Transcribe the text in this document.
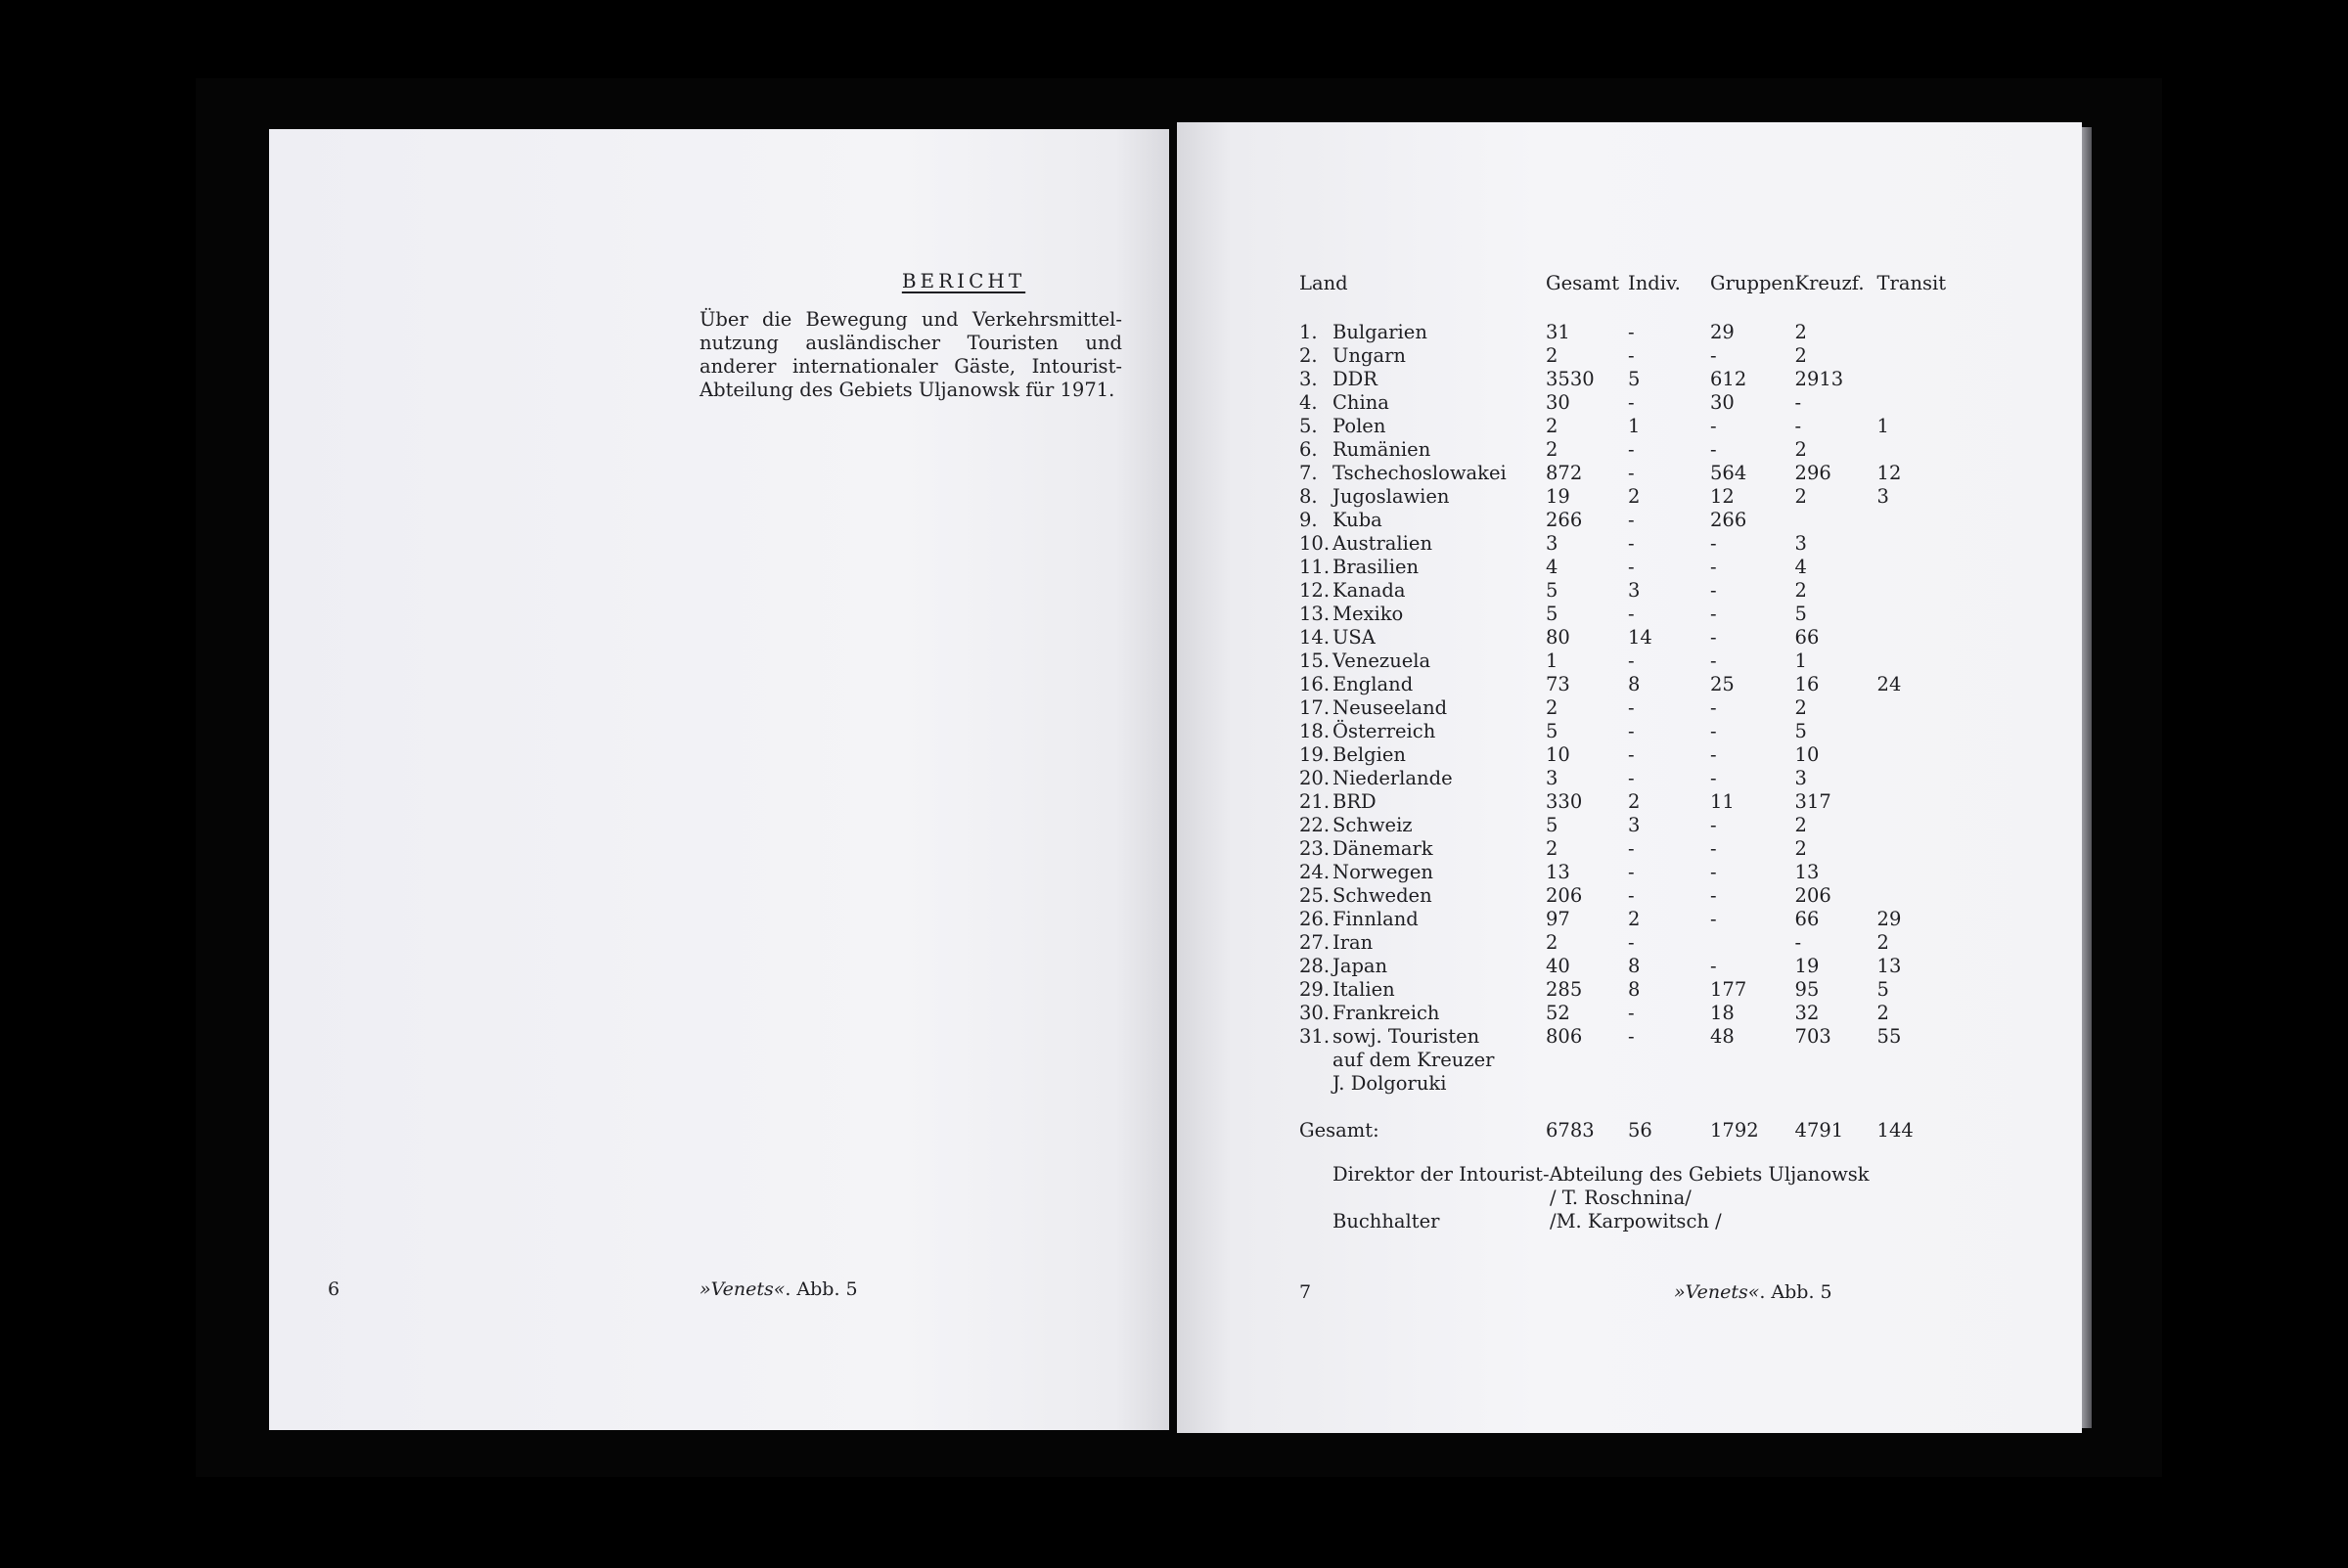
BERICHT
Über die Bewegung und Verkehrsmittelnutzung ausländischer Touristen und anderer internationaler Gäste, Intourist-Abteilung des Gebiets Uljanowsk für 1971.
6	»Venets«. Abb. 5
Land		Gesamt	Indiv.	Gruppen	Kreuzf.	Transit

1.	Bulgarien	31	-	29	2	
2.	Ungarn	2	-	-	2	
3.	DDR	3530	5	612	2913	
4.	China	30	-	30	-	
5.	Polen	2	1	-	-	1
6.	Rumänien	2	-	-	2	
7.	Tschechoslowakei	872	-	564	296	12
8.	Jugoslawien	19	2	12	2	3
9.	Kuba	266	-	266		
10.	Australien	3	-	-	3	
11.	Brasilien	4	-	-	4	
12.	Kanada	5	3	-	2	
13.	Mexiko	5	-	-	5	
14.	USA	80	14	-	66	
15.	Venezuela	1	-	-	1	
16.	England	73	8	25	16	24
17.	Neuseeland	2	-	-	2	
18.	Österreich	5	-	-	5	
19.	Belgien	10	-	-	10	
20.	Niederlande	3	-	-	3	
21.	BRD	330	2	11	317	
22.	Schweiz	5	3	-	2	
23.	Dänemark	2	-	-	2	
24.	Norwegen	13	-	-	13	
25.	Schweden	206	-	-	206	
26.	Finnland	97	2	-	66	29
27.	Iran	2	-		-	2
28.	Japan	40	8	-	19	13
29.	Italien	285	8	177	95	5
30.	Frankreich	52	-	18	32	2
31.	sowj. Touristen	806	-	48	703	55
	auf dem Kreuzer					
	J. Dolgoruki					

Gesamt:		6783	56	1792	4791	144
Direktor der Intourist-Abteilung des Gebiets Uljanowsk
/ T. Roschnina/
Buchhalter	/M. Karpowitsch /
7	»Venets«. Abb. 5
